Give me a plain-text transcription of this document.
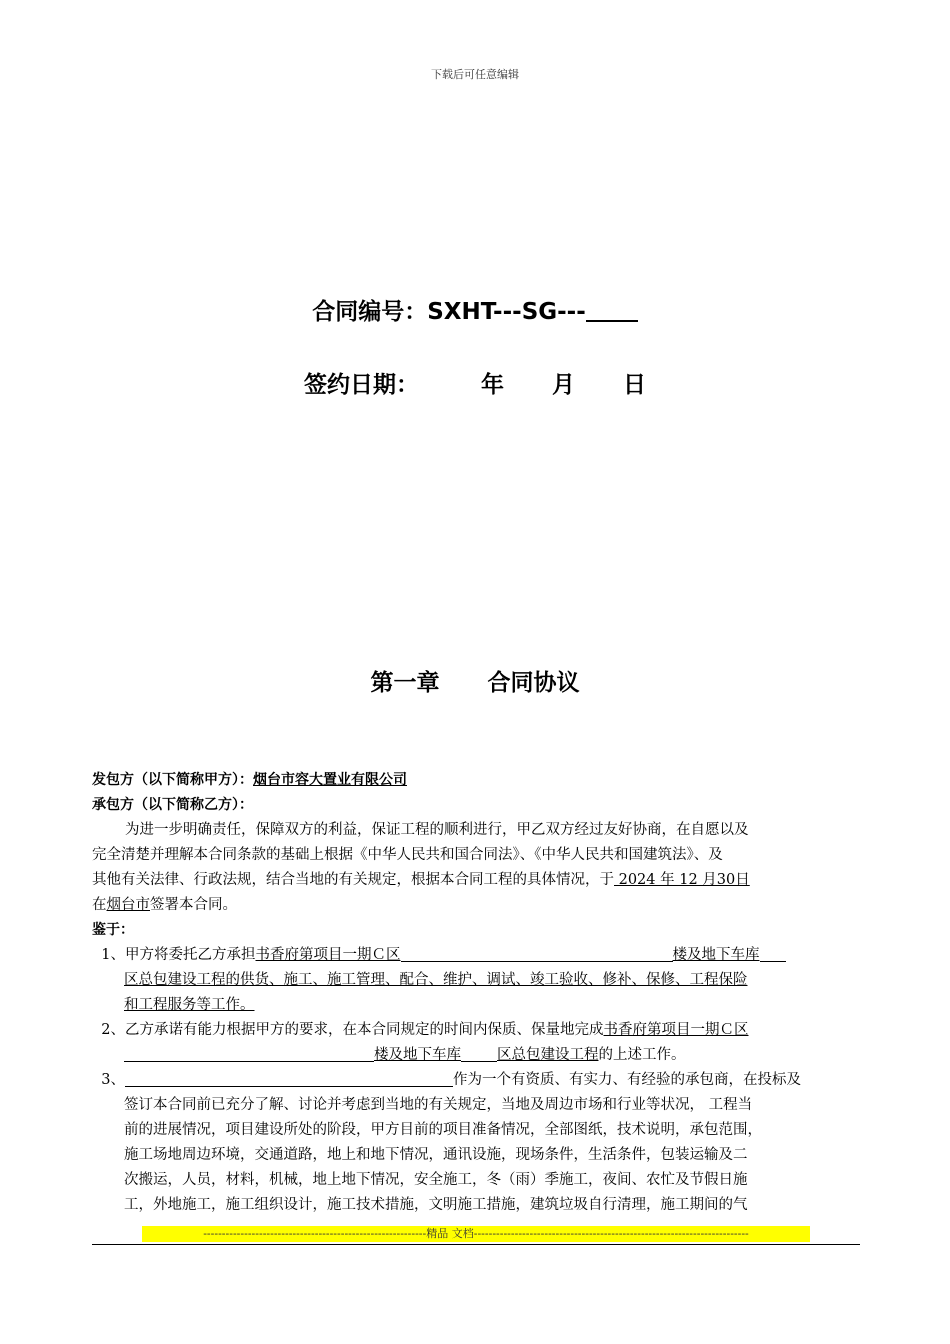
下载后可任意编辑
合同编号：SXHT---SG---
签约日期：	年 月 日
第一章 合同协议
发包方（以下简称甲方）：烟台市容大置业有限公司
承包方（以下简称乙方）：
为进一步明确责任，保障双方的利益，保证工程的顺利进行，甲乙双方经过友好协商，在自愿以及
完全清楚并理解本合同条款的基础上根据《中华人民共和国合同法》、《中华人民共和国建筑法》、及
其他有关法律、行政法规，结合当地的有关规定，根据本合同工程的具体情况，于 2024 年 12 月30日
在烟台市签署本合同。
鉴于：
1、甲方将委托乙方承担书香府第项目一期Ｃ区	楼及地下车库
区总包建设工程的供货、施工、施工管理、配合、维护、调试、竣工验收、修补、保修、工程保险
和工程服务等工作。
2、乙方承诺有能力根据甲方的要求，在本合同规定的时间内保质、保量地完成书香府第项目一期Ｃ区
楼及地下车库 区总包建设工程的上述工作。
3、	作为一个有资质、有实力、有经验的承包商，在投标及
签订本合同前已充分了解、讨论并考虑到当地的有关规定，当地及周边市场和行业等状况， 工程当
前的进展情况，项目建设所处的阶段，甲方目前的项目准备情况，全部图纸，技术说明，承包范围，
施工场地周边环境，交通道路，地上和地下情况，通讯设施，现场条件，生活条件，包装运输及二
次搬运，人员，材料，机械，地上地下情况，安全施工，冬（雨）季施工，夜间、农忙及节假日施
工，外地施工，施工组织设计，施工技术措施，文明施工措施，建筑垃圾自行清理，施工期间的气
------------------------------------------------------------精品 文档--------------------------------------------------------------------------
